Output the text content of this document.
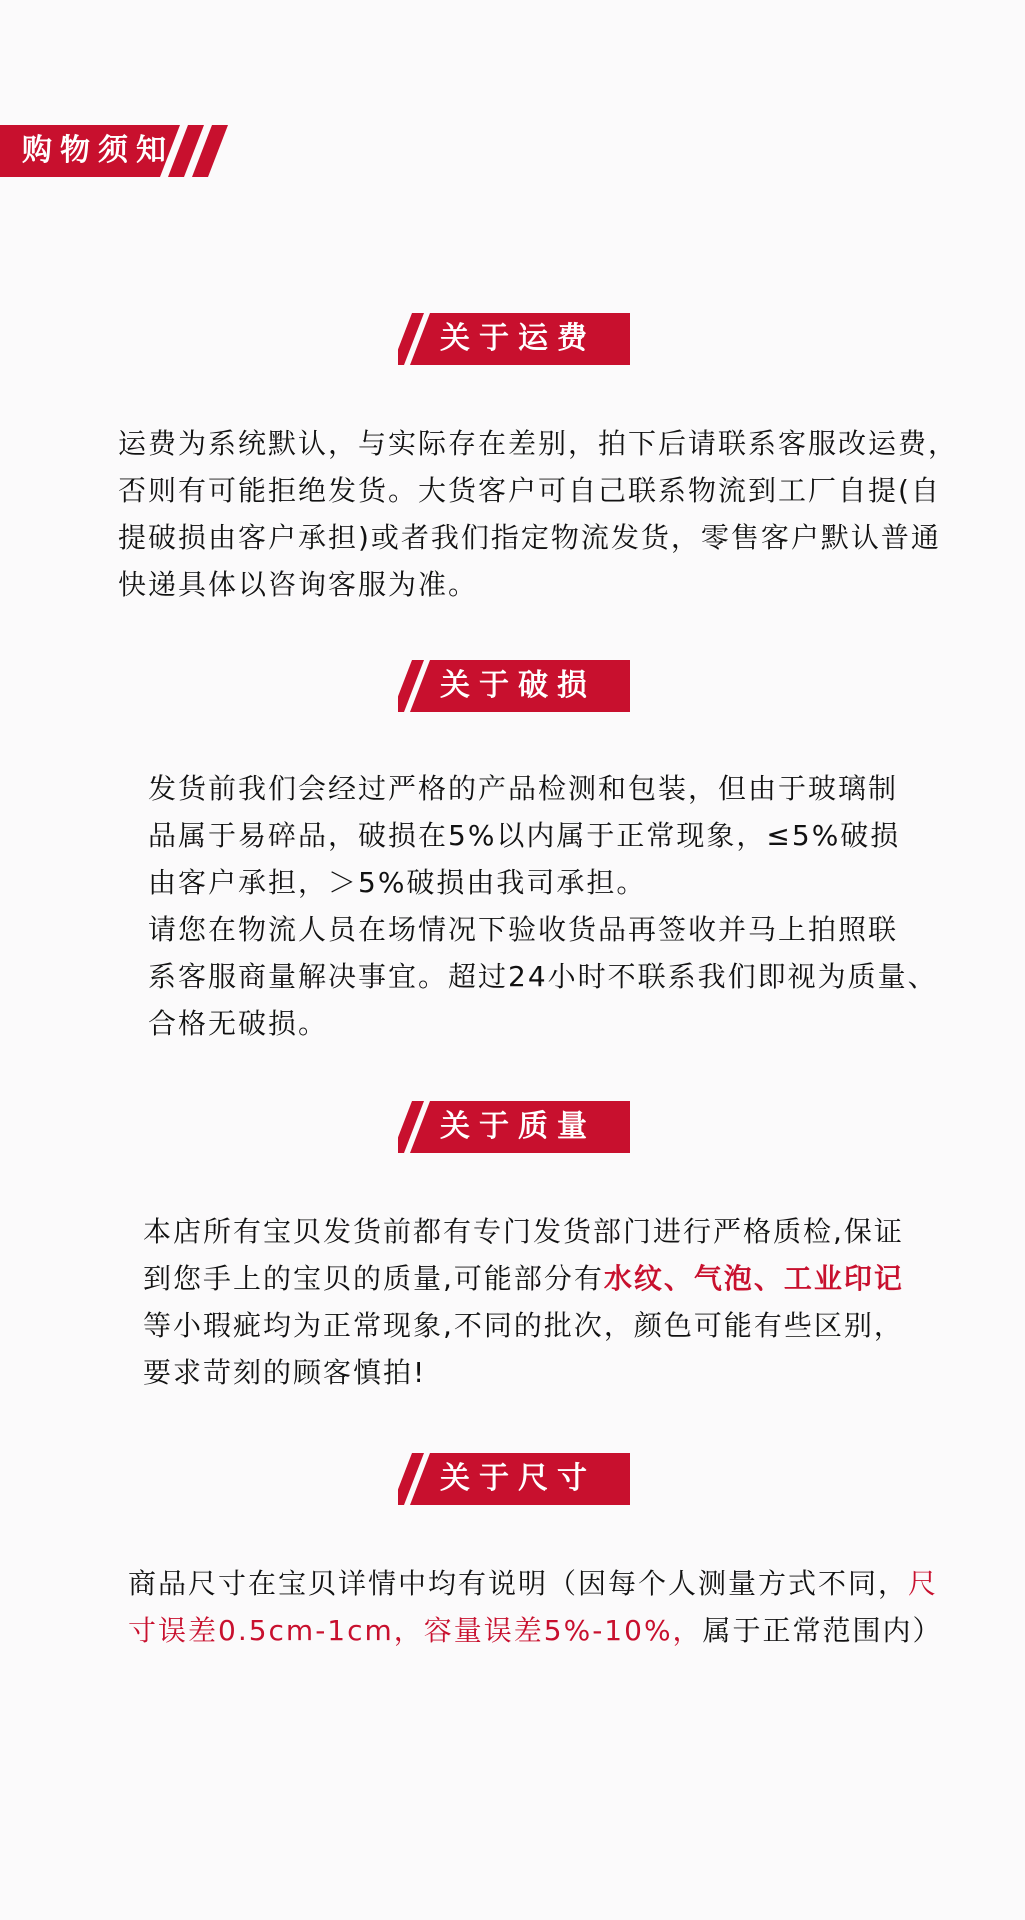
购物须知
关于运费
运费为系统默认，与实际存在差别，拍下后请联系客服改运费，
否则有可能拒绝发货。大货客户可自己联系物流到工厂自提(自
提破损由客户承担)或者我们指定物流发货，零售客户默认普通
快递具体以咨询客服为准。
关于破损
发货前我们会经过严格的产品检测和包装，但由于玻璃制
品属于易碎品，破损在5%以内属于正常现象，≤5%破损
由客户承担，＞5%破损由我司承担。
请您在物流人员在场情况下验收货品再签收并马上拍照联
系客服商量解决事宜。超过24小时不联系我们即视为质量、
合格无破损。
关于质量
本店所有宝贝发货前都有专门发货部门进行严格质检,保证
到您手上的宝贝的质量,可能部分有水纹、气泡、工业印记
等小瑕疵均为正常现象,不同的批次，颜色可能有些区别，
要求苛刻的顾客慎拍!
关于尺寸
商品尺寸在宝贝详情中均有说明（因每个人测量方式不同，尺
寸误差0.5cm-1cm，容量误差5%-10%，属于正常范围内）
